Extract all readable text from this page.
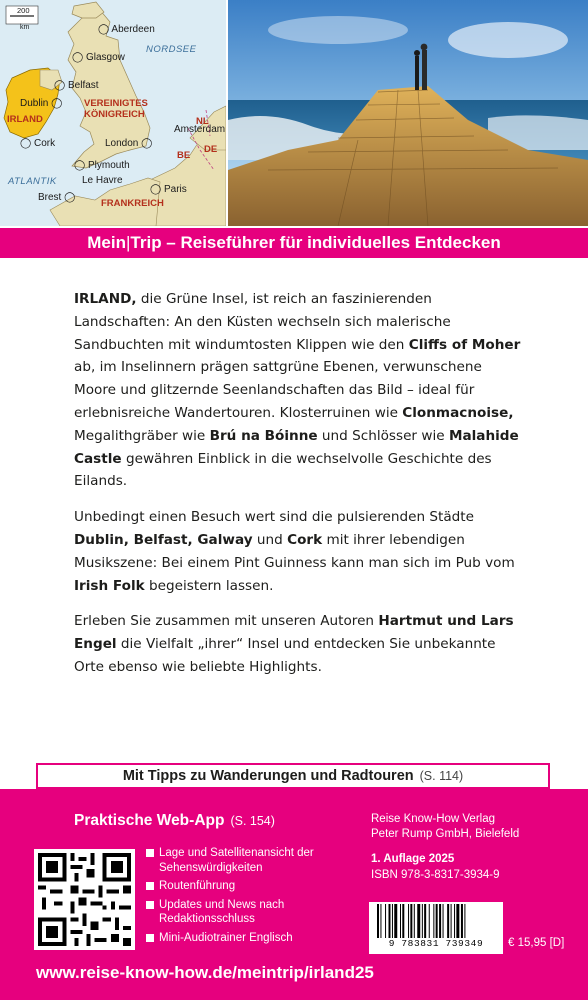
200
km
NORDSEE
ATLANTIK
VEREINIGTES
KÖNIGREICH
IRLAND
FRANKREICH
NL
BE
DE
◯ Aberdeen
◯ Glasgow
◯ Belfast
Dublin ◯
◯ Cork	London ◯
Amsterdam
◯ Plymouth
Le Havre
◯ Paris
Brest ◯
Mein|Trip – Reiseführer für individuelles Entdecken

IRLAND, die Grüne Insel, ist reich an faszinierenden Landschaften: An den Küsten wechseln sich malerische Sandbuchten mit windumtosten Klippen wie den Cliffs of Moher ab, im Inselinnern prägen sattgrüne Ebenen, verwunschene Moore und glitzernde Seenlandschaften das Bild – ideal für erlebnisreiche Wandertouren. Klosterruinen wie Clonmacnoise, Megalithgräber wie Brú na Bóinne und Schlösser wie Malahide Castle gewähren Einblick in die wechselvolle Geschichte des Eilands.

Unbedingt einen Besuch wert sind die pulsierenden Städte Dublin, Belfast, Galway und Cork mit ihrer lebendigen Musikszene: Bei einem Pint Guinness kann man sich im Pub vom Irish Folk begeistern lassen.

Erleben Sie zusammen mit unseren Autoren Hartmut und Lars Engel die Vielfalt „ihrer“ Insel und entdecken Sie unbekannte Orte ebenso wie beliebte Highlights.

Mit Tipps zu Wanderungen und Radtouren (S. 114)
Praktische Web-App (S. 154)
Lage und Satellitenansicht der Sehenswürdigkeiten
Routenführung
Updates und News nach Redaktionsschluss
Mini-Audiotrainer Englisch
Reise Know-How Verlag
Peter Rump GmbH, Bielefeld
1. Auflage 2025
ISBN 978-3-8317-3934-9
9 783831 739349	€ 15,95 [D]
www.reise-know-how.de/meintrip/irland25
